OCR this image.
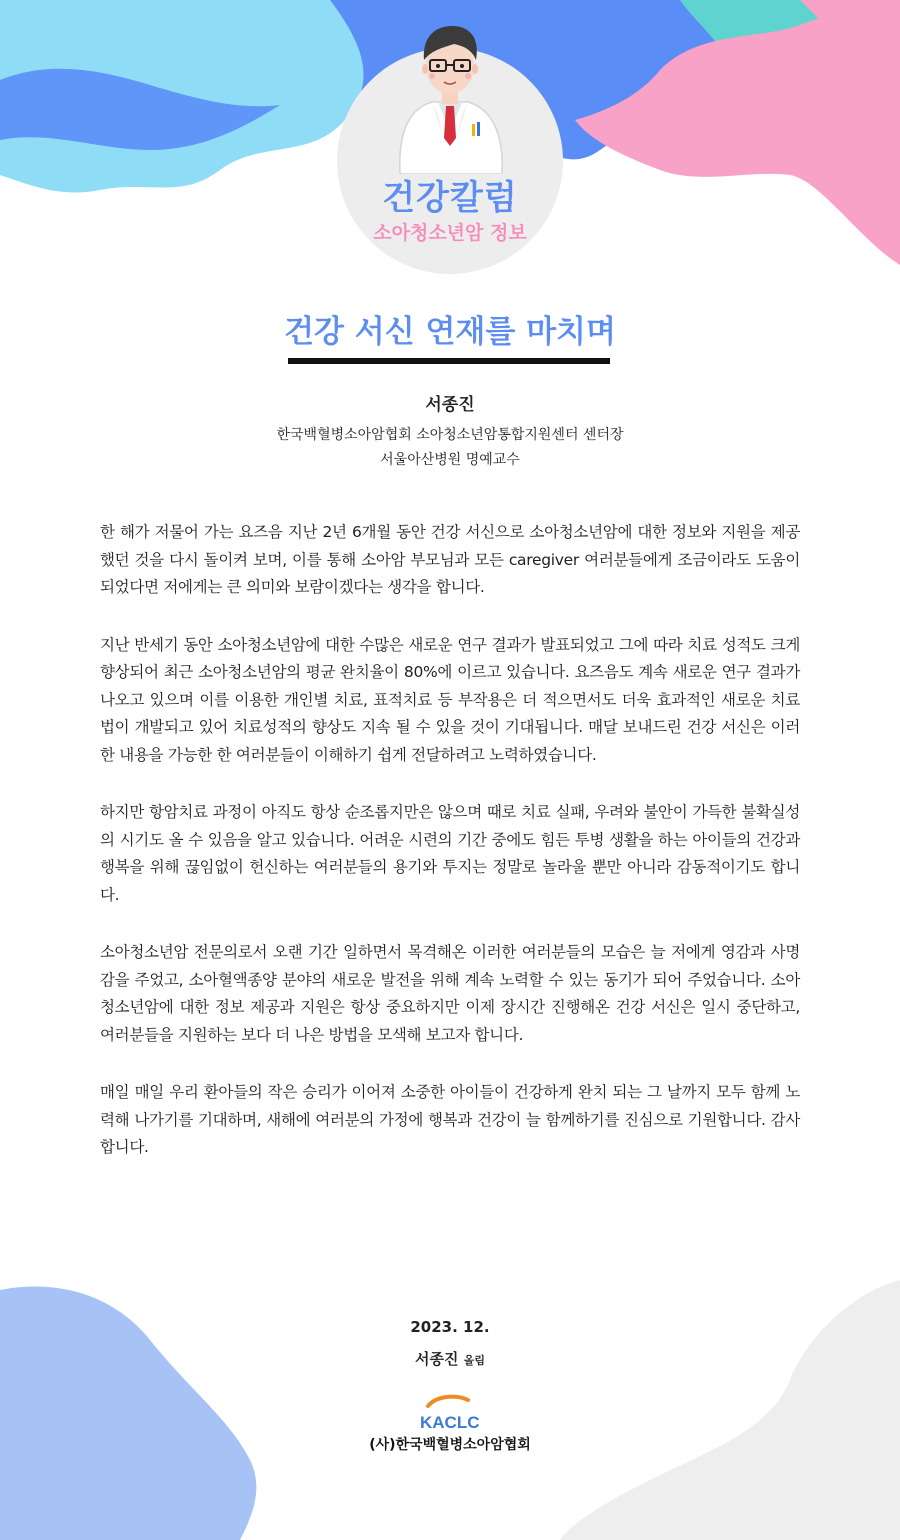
건강칼럼
소아청소년암 정보
건강 서신 연재를 마치며
서종진
한국백혈병소아암협회 소아청소년암통합지원센터 센터장
서울아산병원 명예교수

한 해가 저물어 가는 요즈음 지난 2년 6개월 동안 건강 서신으로 소아청소년암에 대한 정보와 지원을 제공했던 것을 다시 돌이켜 보며, 이를 통해 소아암 부모님과 모든 caregiver 여러분들에게 조금이라도 도움이 되었다면 저에게는 큰 의미와 보람이겠다는 생각을 합니다.

지난 반세기 동안 소아청소년암에 대한 수많은 새로운 연구 결과가 발표되었고 그에 따라 치료 성적도 크게 향상되어 최근 소아청소년암의 평균 완치율이 80%에 이르고 있습니다. 요즈음도 계속 새로운 연구 결과가 나오고 있으며 이를 이용한 개인별 치료, 표적치료 등 부작용은 더 적으면서도 더욱 효과적인 새로운 치료법이 개발되고 있어 치료성적의 향상도 지속 될 수 있을 것이 기대됩니다. 매달 보내드린 건강 서신은 이러한 내용을 가능한 한 여러분들이 이해하기 쉽게 전달하려고 노력하였습니다.

하지만 항암치료 과정이 아직도 항상 순조롭지만은 않으며 때로 치료 실패, 우려와 불안이 가득한 불확실성의 시기도 올 수 있음을 알고 있습니다. 어려운 시련의 기간 중에도 힘든 투병 생활을 하는 아이들의 건강과 행복을 위해 끊임없이 헌신하는 여러분들의 용기와 투지는 정말로 놀라울 뿐만 아니라 감동적이기도 합니다.

소아청소년암 전문의로서 오랜 기간 일하면서 목격해온 이러한 여러분들의 모습은 늘 저에게 영감과 사명감을 주었고, 소아혈액종양 분야의 새로운 발전을 위해 계속 노력할 수 있는 동기가 되어 주었습니다. 소아청소년암에 대한 정보 제공과 지원은 항상 중요하지만 이제 장시간 진행해온 건강 서신은 일시 중단하고, 여러분들을 지원하는 보다 더 나은 방법을 모색해 보고자 합니다.

매일 매일 우리 환아들의 작은 승리가 이어져 소중한 아이들이 건강하게 완치 되는 그 날까지 모두 함께 노력해 나가기를 기대하며, 새해에 여러분의 가정에 행복과 건강이 늘 함께하기를 진심으로 기원합니다. 감사합니다.

2023. 12.
서종진 올림
KACLC
(사)한국백혈병소아암협회
